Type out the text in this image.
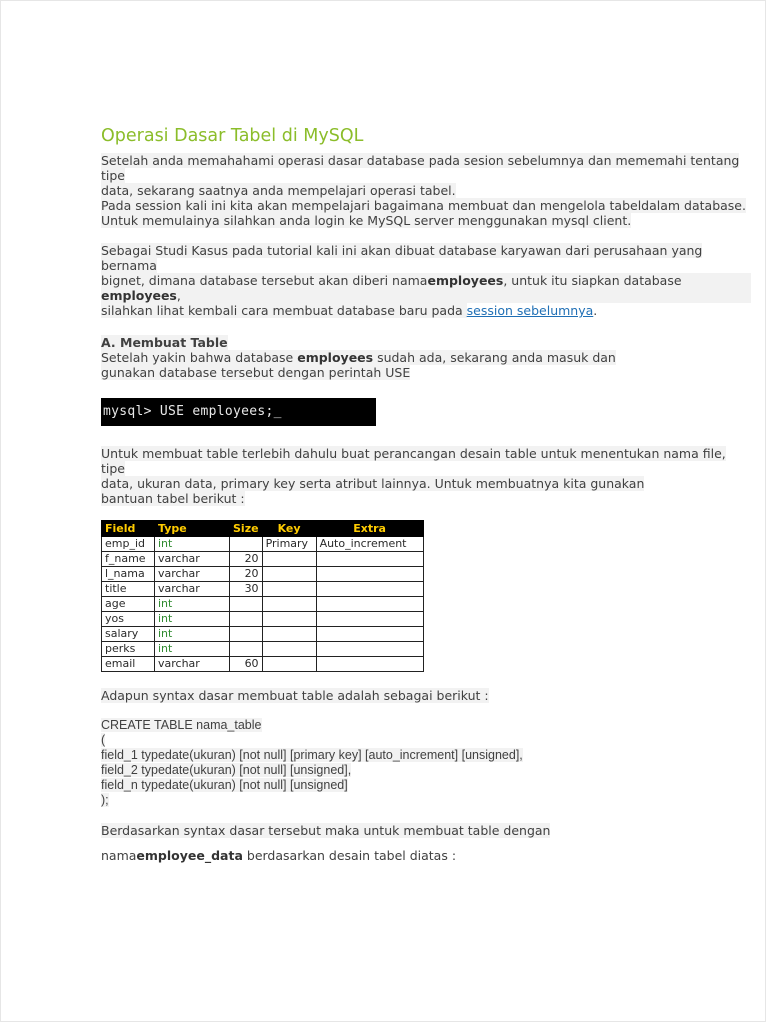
Operasi Dasar Tabel di MySQL

Setelah anda memahahami operasi dasar database pada sesion sebelumnya dan mememahi tentang tipe

data, sekarang saatnya anda mempelajari operasi tabel.

Pada session kali ini kita akan mempelajari bagaimana membuat dan mengelola tabeldalam database.

Untuk memulainya silahkan anda login ke MySQL server menggunakan mysql client.

Sebagai Studi Kasus pada tutorial kali ini akan dibuat database karyawan dari perusahaan yang bernama

bignet, dimana database tersebut akan diberi namaemployees, untuk itu siapkan database employees,

silahkan lihat kembali cara membuat database baru pada session sebelumnya.

A. Membuat Table

Setelah yakin bahwa database employees sudah ada, sekarang anda masuk dan

gunakan database tersebut dengan perintah USE

mysql> USE employees;_

Untuk membuat table terlebih dahulu buat perancangan desain table untuk menentukan nama file, tipe

data, ukuran data, primary key serta atribut lainnya. Untuk membuatnya kita gunakan

bantuan tabel berikut :

Field	Type	Size	Key	Extra
emp_id	int		Primary	Auto_increment
f_name	varchar	20		
l_nama	varchar	20		
title	varchar	30		
age	int			
yos	int			
salary	int			
perks	int			
email	varchar	60		

Adapun syntax dasar membuat table adalah sebagai berikut :

CREATE TABLE nama_table

(

field_1 typedate(ukuran) [not null] [primary key] [auto_increment] [unsigned],

field_2 typedate(ukuran) [not null] [unsigned],

field_n typedate(ukuran) [not null] [unsigned]

);

Berdasarkan syntax dasar tersebut maka untuk membuat table dengan

namaemployee_data berdasarkan desain tabel diatas :
